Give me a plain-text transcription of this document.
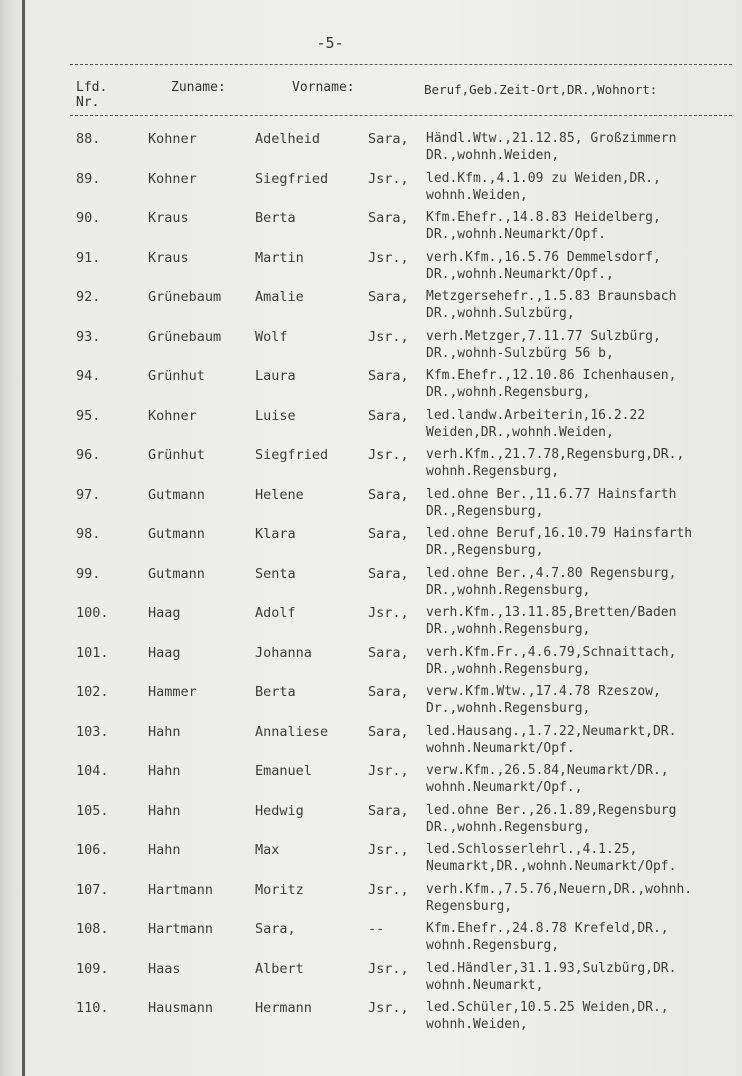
-5-
Lfd.
Nr.
Zuname:	Vorname:	Beruf,Geb.Zeit-Ort,DR.,Wohnort:
88.	Kohner	Adelheid	Sara, Händl.Wtw.,21.12.85, Großzimmern
DR.,wohnh.Weiden,
89.	Kohner	Siegfried	Jsr., led.Kfm.,4.1.09 zu Weiden,DR.,
wohnh.Weiden,
90.	Kraus	Berta	Sara, Kfm.Ehefr.,14.8.83 Heidelberg,
DR.,wohnh.Neumarkt/Opf.
91.	Kraus	Martin	Jsr., verh.Kfm.,16.5.76 Demmelsdorf,
DR.,wohnh.Neumarkt/Opf.,
92.	Grünebaum	Amalie	Sara, Metzgersehefr.,1.5.83 Braunsbach
DR.,wohnh.Sulzbürg,
93.	Grünebaum	Wolf	Jsr., verh.Metzger,7.11.77 Sulzbürg,
DR.,wohnh-Sulzbürg 56 b,
94.	Grünhut	Laura	Sara, Kfm.Ehefr.,12.10.86 Ichenhausen,
DR.,wohnh.Regensburg,
95.	Kohner	Luise	Sara, led.landw.Arbeiterin,16.2.22
Weiden,DR.,wohnh.Weiden,
96.	Grünhut	Siegfried	Jsr., verh.Kfm.,21.7.78,Regensburg,DR.,
wohnh.Regensburg,
97.	Gutmann	Helene	Sara, led.ohne Ber.,11.6.77 Hainsfarth
DR.,Regensburg,
98.	Gutmann	Klara	Sara, led.ohne Beruf,16.10.79 Hainsfarth
DR.,Regensburg,
99.	Gutmann	Senta	Sara, led.ohne Ber.,4.7.80 Regensburg,
DR.,wohnh.Regensburg,
100.	Haag	Adolf	Jsr., verh.Kfm.,13.11.85,Bretten/Baden
DR.,wohnh.Regensburg,
101.	Haag	Johanna	Sara, verh.Kfm.Fr.,4.6.79,Schnaittach,
DR.,wohnh.Regensburg,
102.	Hammer	Berta	Sara, verw.Kfm.Wtw.,17.4.78 Rzeszow,
Dr.,wohnh.Regensburg,
103.	Hahn	Annaliese	Sara, led.Hausang.,1.7.22,Neumarkt,DR.
wohnh.Neumarkt/Opf.
104.	Hahn	Emanuel	Jsr., verw.Kfm.,26.5.84,Neumarkt/DR.,
wohnh.Neumarkt/Opf.,
105.	Hahn	Hedwig	Sara, led.ohne Ber.,26.1.89,Regensburg
DR.,wohnh.Regensburg,
106.	Hahn	Max	Jsr., led.Schlosserlehrl.,4.1.25,
Neumarkt,DR.,wohnh.Neumarkt/Opf.
107.	Hartmann	Moritz	Jsr., verh.Kfm.,7.5.76,Neuern,DR.,wohnh.
Regensburg,
108.	Hartmann	Sara,	--	Kfm.Ehefr.,24.8.78 Krefeld,DR.,
wohnh.Regensburg,
109.	Haas	Albert	Jsr., led.Händler,31.1.93,Sulzbürg,DR.
wohnh.Neumarkt,
110.	Hausmann	Hermann	Jsr., led.Schüler,10.5.25 Weiden,DR.,
wohnh.Weiden,
